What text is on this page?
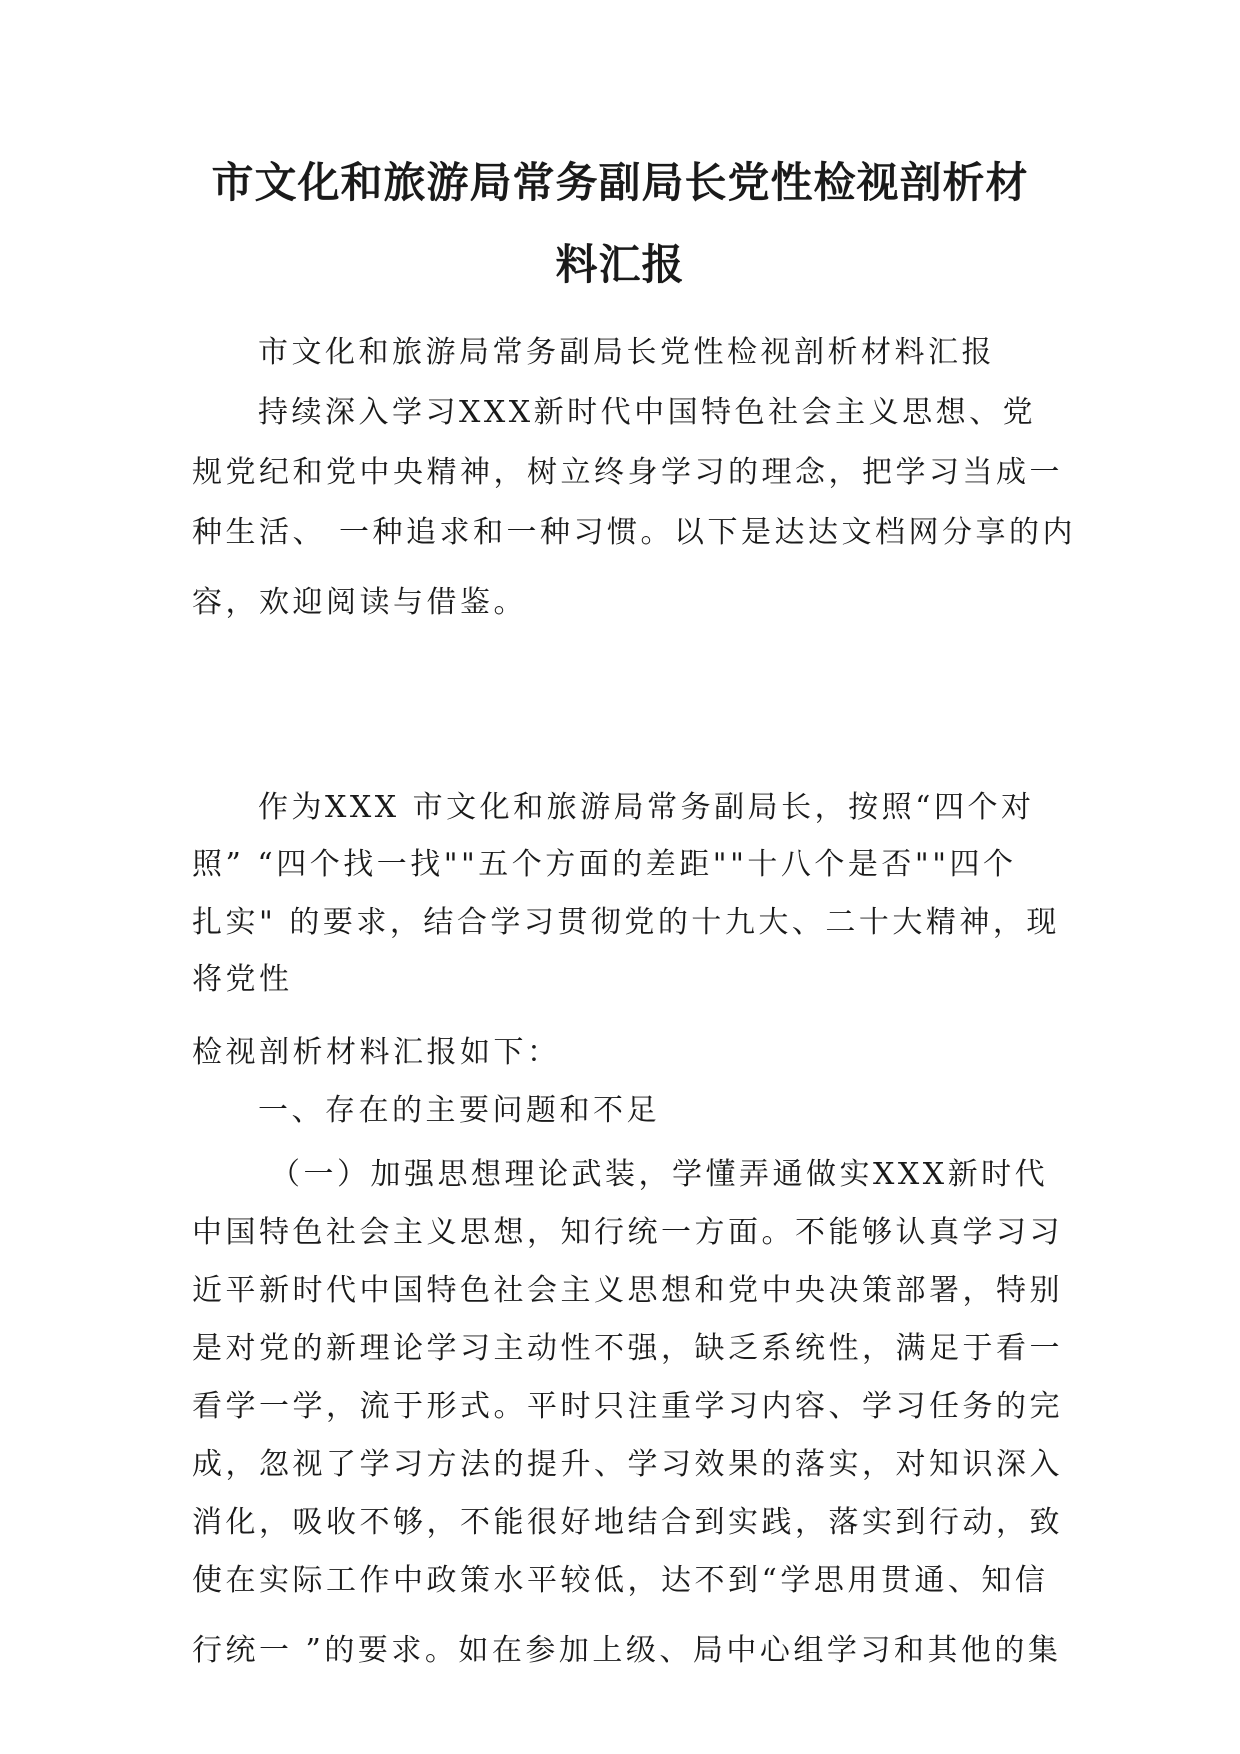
市文化和旅游局常务副局长党性检视剖析材
料汇报

市文化和旅游局常务副局长党性检视剖析材料汇报

持续深入学习XXX新时代中国特色社会主义思想、党

规党纪和党中央精神，树立终身学习的理念，把学习当成一

种生活、 一种追求和一种习惯。以下是达达文档网分享的内

容，欢迎阅读与借鉴。

作为XXX 市文化和旅游局常务副局长，按照“四个对

照” “四个找一找""五个方面的差距""十八个是否""四个

扎实" 的要求，结合学习贯彻党的十九大、二十大精神，现

将党性

检视剖析材料汇报如下：

一、存在的主要问题和不足

（一）加强思想理论武装，学懂弄通做实XXX新时代

中国特色社会主义思想，知行统一方面。不能够认真学习习

近平新时代中国特色社会主义思想和党中央决策部署，特别

是对党的新理论学习主动性不强，缺乏系统性，满足于看一

看学一学，流于形式。平时只注重学习内容、学习任务的完

成，忽视了学习方法的提升、学习效果的落实，对知识深入

消化，吸收不够，不能很好地结合到实践，落实到行动，致

使在实际工作中政策水平较低，达不到“学思用贯通、知信

行统一 ”的要求。如在参加上级、局中心组学习和其他的集
